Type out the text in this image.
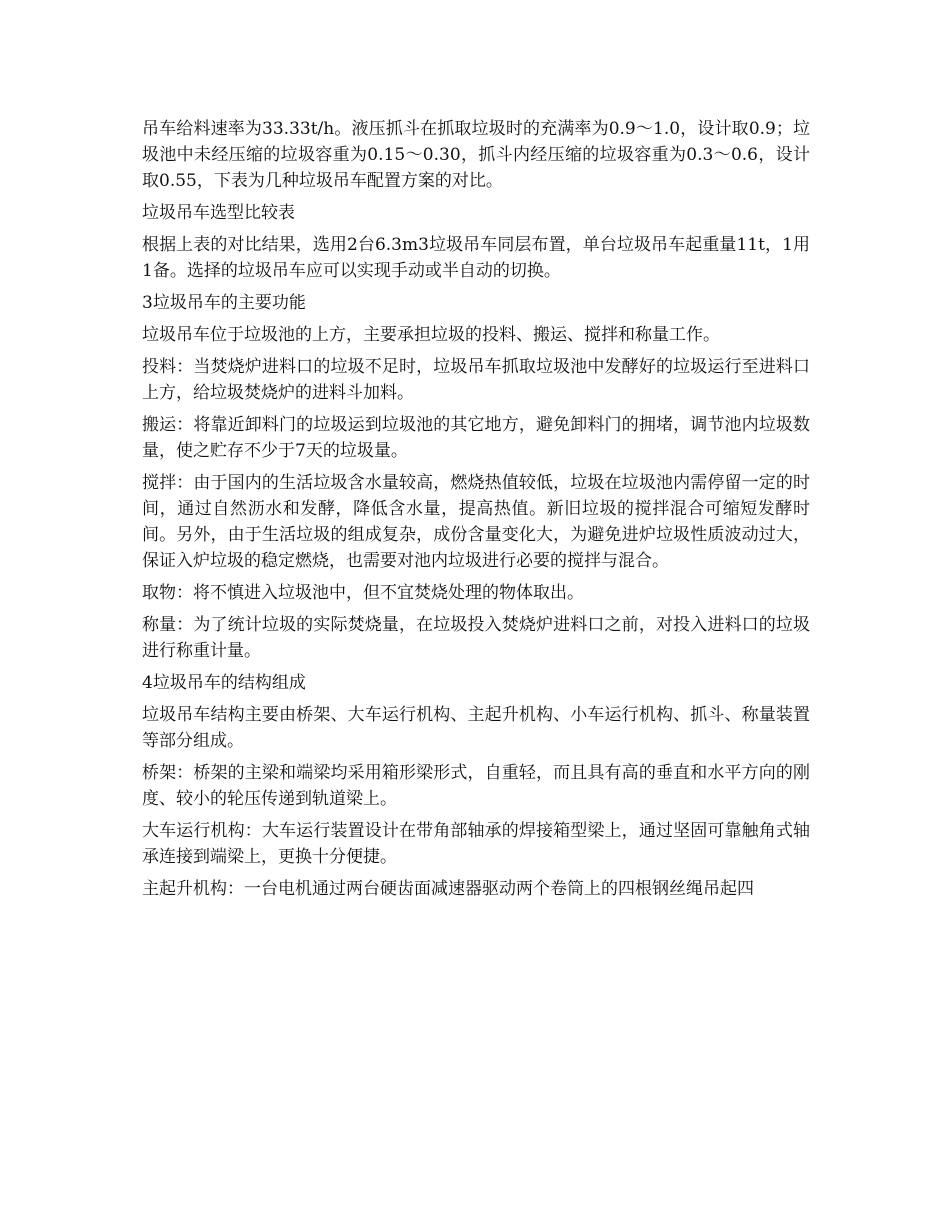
吊车给料速率为33.33t/h。液压抓斗在抓取垃圾时的充满率为0.9～1.0，设计取0.9；垃圾池中未经压缩的垃圾容重为0.15～0.30，抓斗内经压缩的垃圾容重为0.3～0.6，设计取0.55，下表为几种垃圾吊车配置方案的对比。

垃圾吊车选型比较表

根据上表的对比结果，选用2台6.3m3垃圾吊车同层布置，单台垃圾吊车起重量11t，1用1备。选择的垃圾吊车应可以实现手动或半自动的切换。

3垃圾吊车的主要功能

垃圾吊车位于垃圾池的上方，主要承担垃圾的投料、搬运、搅拌和称量工作。

投料：当焚烧炉进料口的垃圾不足时，垃圾吊车抓取垃圾池中发酵好的垃圾运行至进料口上方，给垃圾焚烧炉的进料斗加料。

搬运：将靠近卸料门的垃圾运到垃圾池的其它地方，避免卸料门的拥堵，调节池内垃圾数量，使之贮存不少于7天的垃圾量。

搅拌：由于国内的生活垃圾含水量较高，燃烧热值较低，垃圾在垃圾池内需停留一定的时间，通过自然沥水和发酵，降低含水量，提高热值。新旧垃圾的搅拌混合可缩短发酵时间。另外，由于生活垃圾的组成复杂，成份含量变化大，为避免进炉垃圾性质波动过大，保证入炉垃圾的稳定燃烧，也需要对池内垃圾进行必要的搅拌与混合。

取物：将不慎进入垃圾池中，但不宜焚烧处理的物体取出。

称量：为了统计垃圾的实际焚烧量，在垃圾投入焚烧炉进料口之前，对投入进料口的垃圾进行称重计量。

4垃圾吊车的结构组成

垃圾吊车结构主要由桥架、大车运行机构、主起升机构、小车运行机构、抓斗、称量装置等部分组成。

桥架：桥架的主梁和端梁均采用箱形梁形式，自重轻，而且具有高的垂直和水平方向的刚度、较小的轮压传递到轨道梁上。

大车运行机构：大车运行装置设计在带角部轴承的焊接箱型梁上，通过坚固可靠触角式轴承连接到端梁上，更换十分便捷。

主起升机构：一台电机通过两台硬齿面减速器驱动两个卷筒上的四根钢丝绳吊起四
